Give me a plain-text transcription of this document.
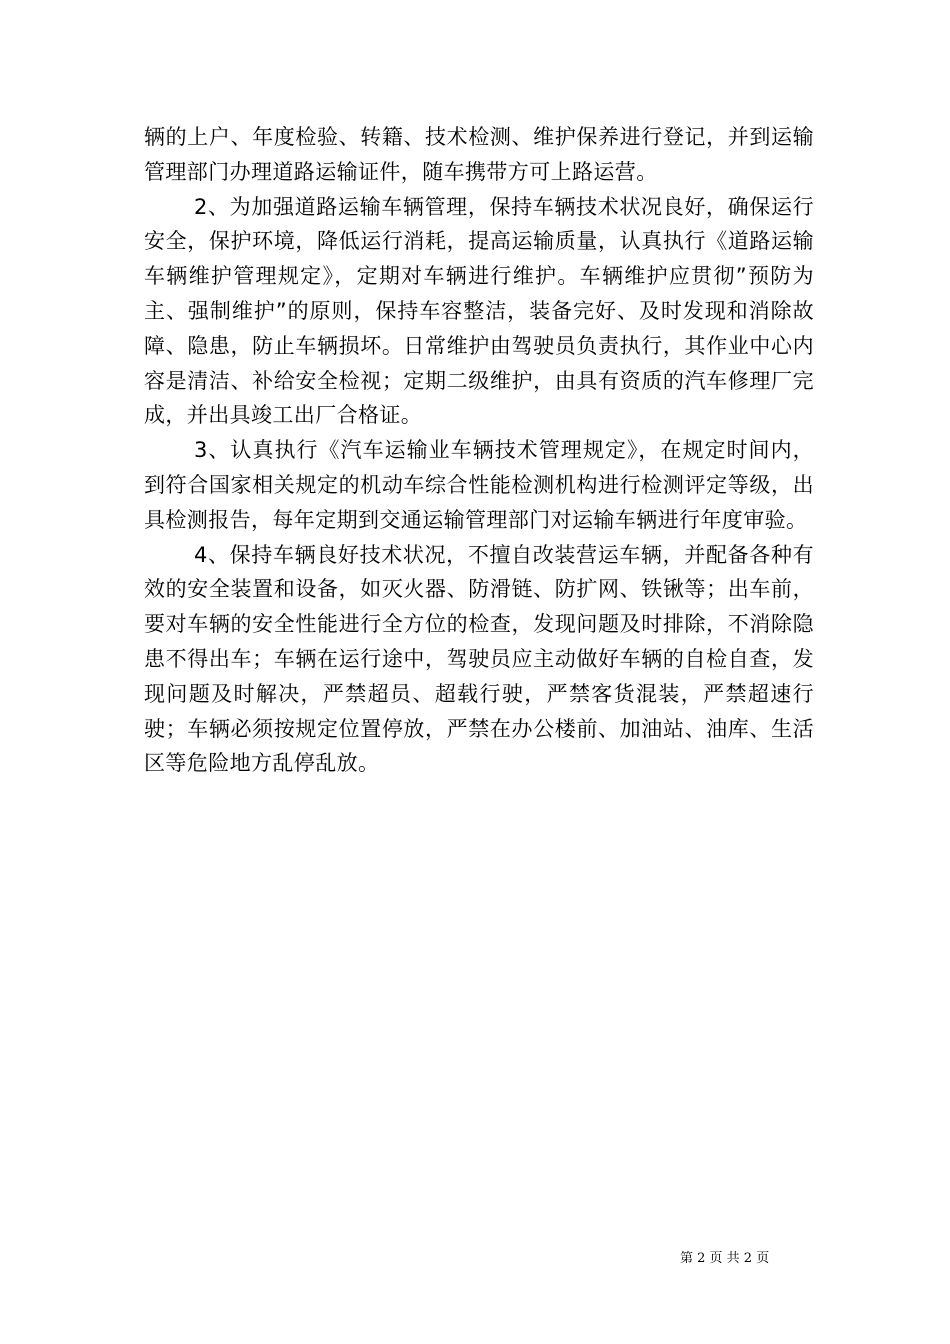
辆的上户、年度检验、转籍、技术检测、维护保养进行登记，并到运输管理部门办理道路运输证件，随车携带方可上路运营。

2、为加强道路运输车辆管理，保持车辆技术状况良好，确保运行安全，保护环境，降低运行消耗，提高运输质量，认真执行《道路运输车辆维护管理规定》，定期对车辆进行维护。车辆维护应贯彻”预防为主、强制维护”的原则，保持车容整洁，装备完好、及时发现和消除故障、隐患，防止车辆损坏。日常维护由驾驶员负责执行，其作业中心内容是清洁、补给安全检视；定期二级维护，由具有资质的汽车修理厂完成，并出具竣工出厂合格证。

3、认真执行《汽车运输业车辆技术管理规定》，在规定时间内，到符合国家相关规定的机动车综合性能检测机构进行检测评定等级，出具检测报告，每年定期到交通运输管理部门对运输车辆进行年度审验。

4、保持车辆良好技术状况，不擅自改装营运车辆，并配备各种有效的安全装置和设备，如灭火器、防滑链、防扩网、铁锹等；出车前，要对车辆的安全性能进行全方位的检查，发现问题及时排除，不消除隐患不得出车；车辆在运行途中，驾驶员应主动做好车辆的自检自查，发现问题及时解决，严禁超员、超载行驶，严禁客货混装，严禁超速行驶；车辆必须按规定位置停放，严禁在办公楼前、加油站、油库、生活区等危险地方乱停乱放。

第 2 页 共 2 页
